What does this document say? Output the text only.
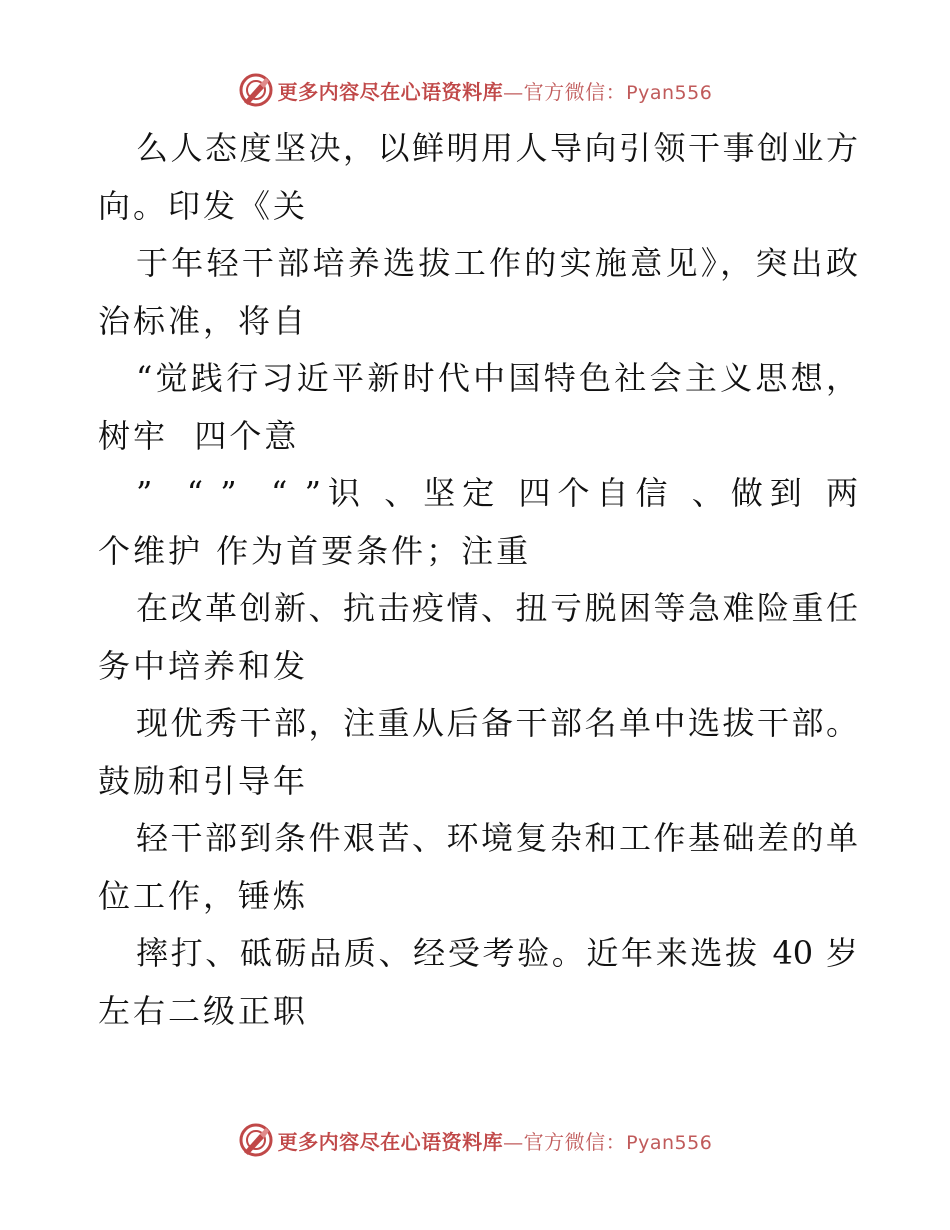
更多内容尽在心语资料库—官方微信：Pyan556
么人态度坚决，以鲜明用人导向引领干事创业方
向。印发《关
于年轻干部培养选拔工作的实施意见》，突出政
治标准，将自
“觉践行习近平新时代中国特色社会主义思想，
树牢  四个意
”  “ ”  “ ”识 、坚定 四个自信 、做到 两
个维护 作为首要条件；注重
在改革创新、抗击疫情、扭亏脱困等急难险重任
务中培养和发
现优秀干部，注重从后备干部名单中选拔干部。
鼓励和引导年
轻干部到条件艰苦、环境复杂和工作基础差的单
位工作，锤炼
摔打、砥砺品质、经受考验。近年来选拔 40 岁
左右二级正职
更多内容尽在心语资料库—官方微信：Pyan556
